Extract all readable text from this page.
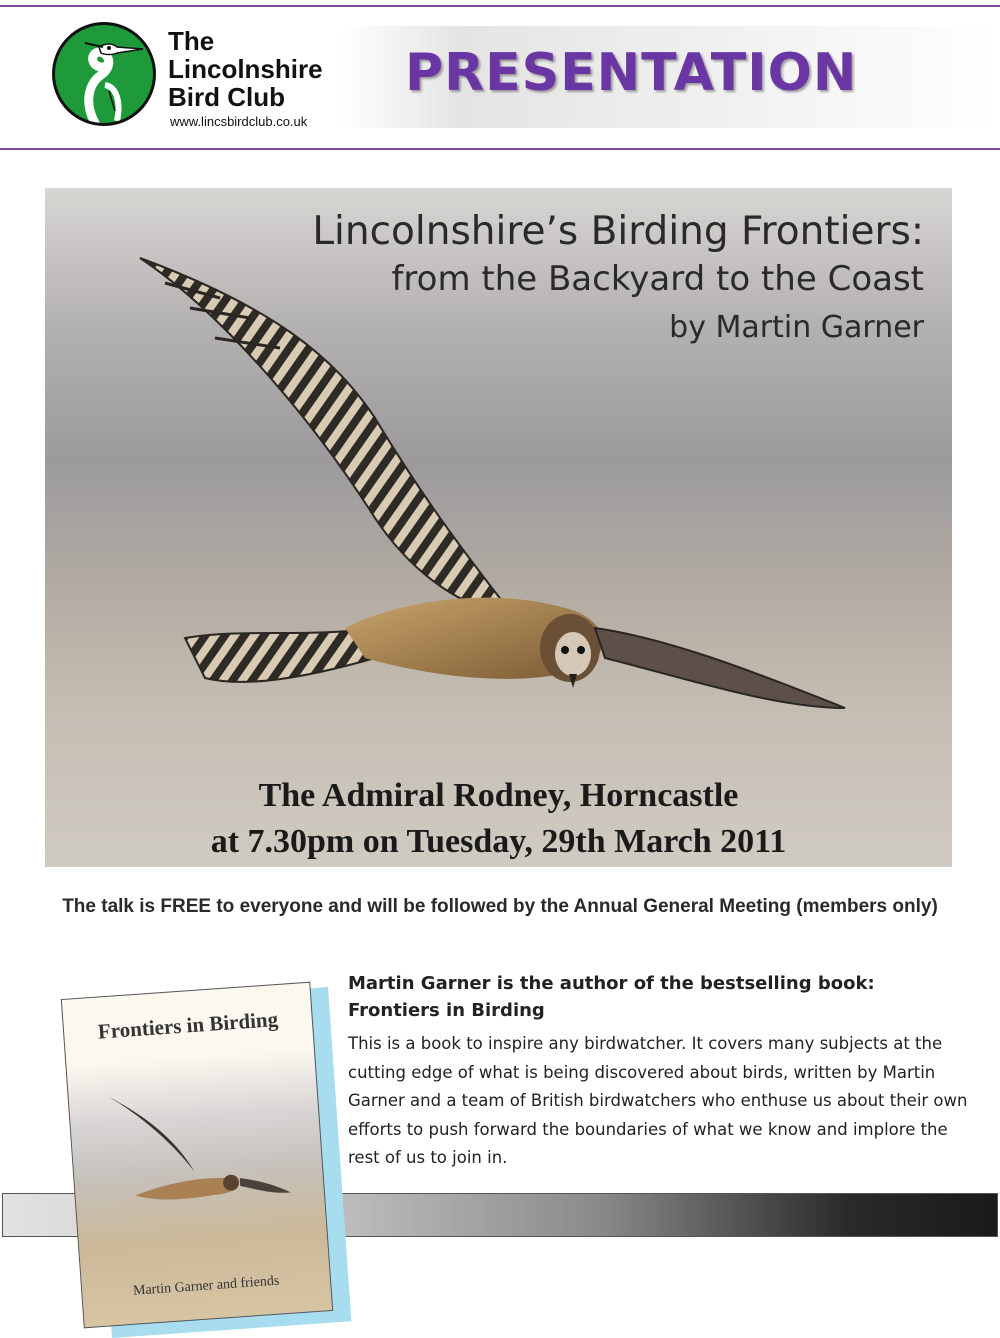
The
Lincolnshire
Bird Club
www.lincsbirdclub.co.uk
PRESENTATION
Lincolnshire’s Birding Frontiers:
from the Backyard to the Coast
by Martin Garner
The Admiral Rodney, Horncastle
at 7.30pm on Tuesday, 29th March 2011
The talk is FREE to everyone and will be followed by the Annual General Meeting (members only)
Frontiers in Birding
Martin Garner and friends
Martin Garner is the author of the bestselling book:
Frontiers in Birding
This is a book to inspire any birdwatcher. It covers many subjects at the cutting edge of what is being discovered about birds, written by Martin Garner and a team of British birdwatchers who enthuse us about their own efforts to push forward the boundaries of what we know and implore the rest of us to join in.
